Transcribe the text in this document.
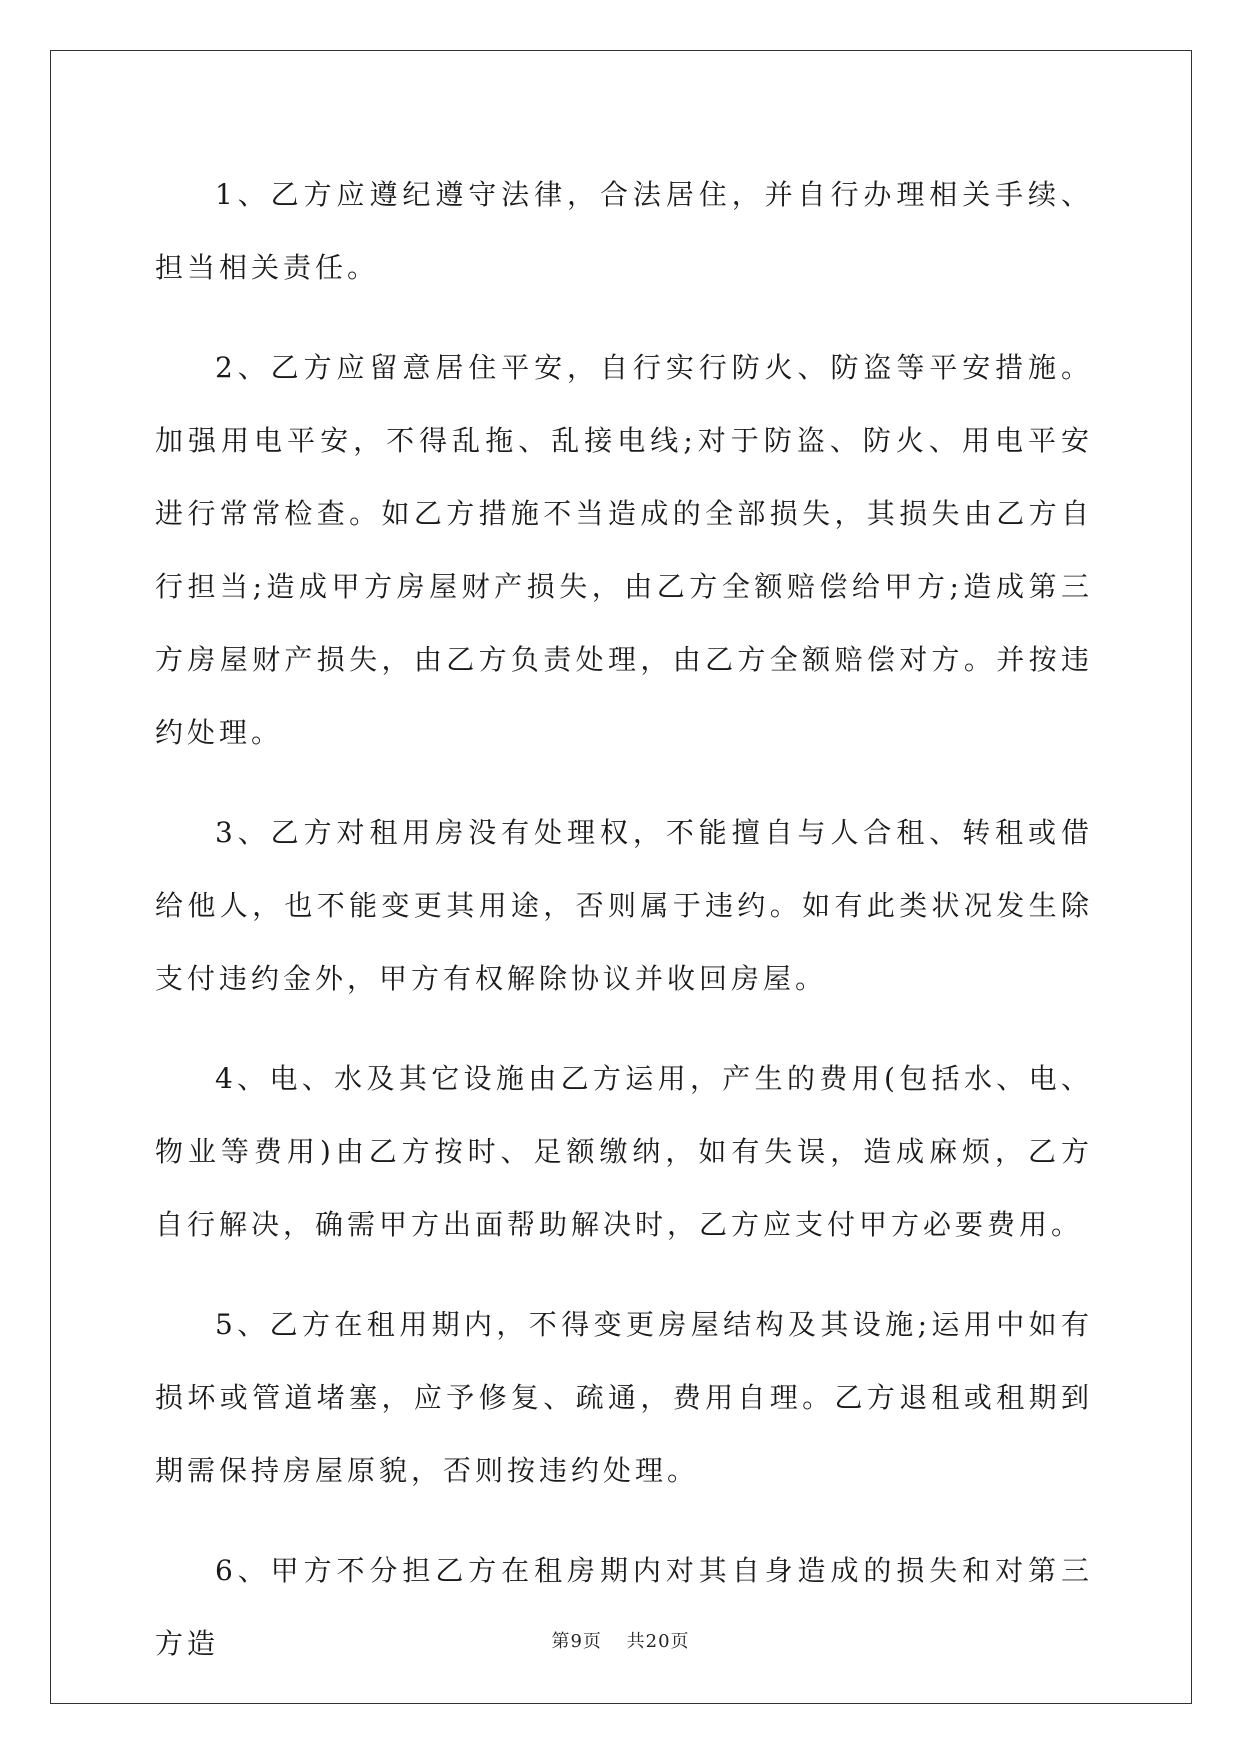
1、乙方应遵纪遵守法律，合法居住，并自行办理相关手续、担当相关责任。

2、乙方应留意居住平安，自行实行防火、防盗等平安措施。加强用电平安，不得乱拖、乱接电线;对于防盗、防火、用电平安进行常常检查。如乙方措施不当造成的全部损失，其损失由乙方自行担当;造成甲方房屋财产损失，由乙方全额赔偿给甲方;造成第三方房屋财产损失，由乙方负责处理，由乙方全额赔偿对方。并按违约处理。

3、乙方对租用房没有处理权，不能擅自与人合租、转租或借给他人，也不能变更其用途，否则属于违约。如有此类状况发生除支付违约金外，甲方有权解除协议并收回房屋。

4、电、水及其它设施由乙方运用，产生的费用(包括水、电、物业等费用)由乙方按时、足额缴纳，如有失误，造成麻烦，乙方自行解决，确需甲方出面帮助解决时，乙方应支付甲方必要费用。

5、乙方在租用期内，不得变更房屋结构及其设施;运用中如有损坏或管道堵塞，应予修复、疏通，费用自理。乙方退租或租期到期需保持房屋原貌，否则按违约处理。

6、甲方不分担乙方在租房期内对其自身造成的损失和对第三方造	第9页 共20页
